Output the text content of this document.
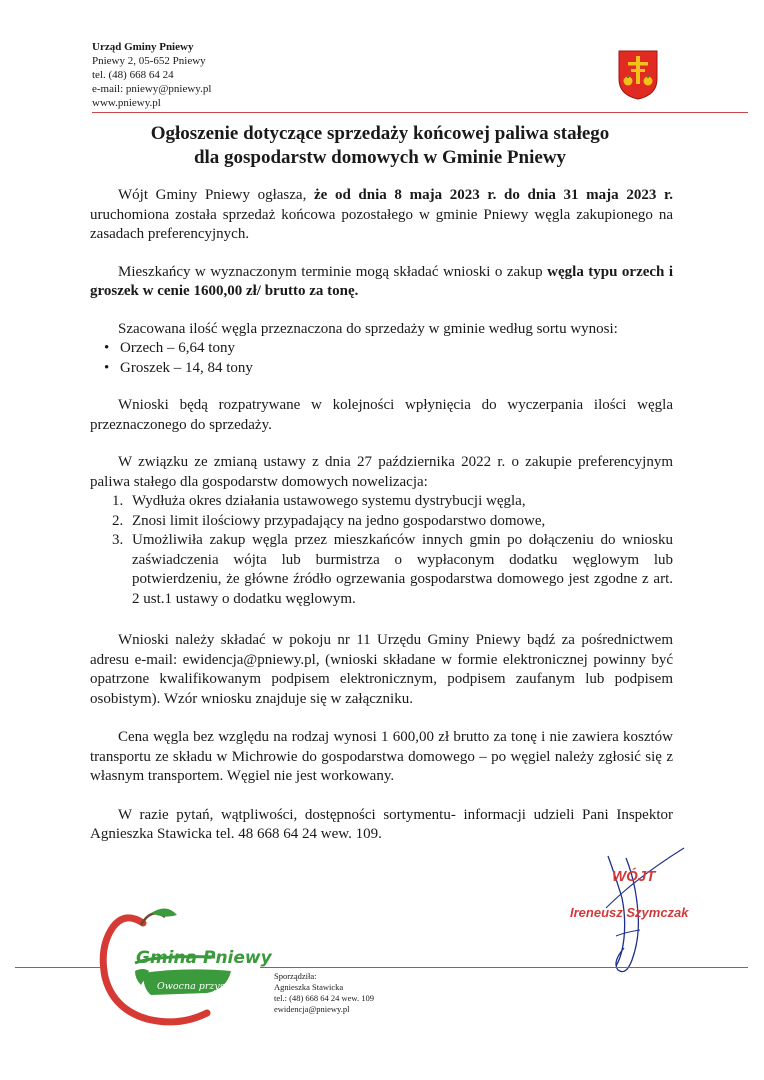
Urząd Gminy Pniewy
Pniewy 2, 05-652 Pniewy
tel. (48) 668 64 24
e-mail: pniewy@pniewy.pl
www.pniewy.pl
Ogłoszenie dotyczące sprzedaży końcowej paliwa stałego
dla gospodarstw domowych w Gminie Pniewy

Wójt Gminy Pniewy ogłasza, że od dnia 8 maja 2023 r. do dnia 31 maja 2023 r. uruchomiona została sprzedaż końcowa pozostałego w gminie Pniewy węgla zakupionego na zasadach preferencyjnych.

Mieszkańcy w wyznaczonym terminie mogą składać wnioski o zakup węgla typu orzech i groszek w cenie 1600,00 zł/ brutto za tonę.

Szacowana ilość węgla przeznaczona do sprzedaży w gminie według sortu wynosi:

• Orzech – 6,64 tony
• Groszek – 14, 84 tony

Wnioski będą rozpatrywane w kolejności wpłynięcia do wyczerpania ilości węgla przeznaczonego do sprzedaży.

W związku ze zmianą ustawy z dnia 27 października 2022 r. o zakupie preferencyjnym paliwa stałego dla gospodarstw domowych nowelizacja:

1. Wydłuża okres działania ustawowego systemu dystrybucji węgla,
2. Znosi limit ilościowy przypadający na jedno gospodarstwo domowe,
3. Umożliwiła zakup węgla przez mieszkańców innych gmin po dołączeniu do wniosku zaświadczenia wójta lub burmistrza o wypłaconym dodatku węglowym lub potwierdzeniu, że główne źródło ogrzewania gospodarstwa domowego jest zgodne z art. 2 ust.1 ustawy o dodatku węglowym.

Wnioski należy składać w pokoju nr 11 Urzędu Gminy Pniewy bądź za pośrednictwem adresu e-mail: ewidencja@pniewy.pl, (wnioski składane w formie elektronicznej powinny być opatrzone kwalifikowanym podpisem elektronicznym, podpisem zaufanym lub podpisem osobistym). Wzór wniosku znajduje się w załączniku.

Cena węgla bez względu na rodzaj wynosi 1 600,00 zł brutto za tonę i nie zawiera kosztów transportu ze składu w Michrowie do gospodarstwa domowego – po węgiel należy zgłosić się z własnym transportem. Węgiel nie jest workowany.

W razie pytań, wątpliwości, dostępności sortymentu- informacji udzieli Pani Inspektor Agnieszka Stawicka tel. 48 668 64 24 wew. 109.

WÓJT
Ireneusz Szymczak
Gmina Pniewy
Owocna przyszłość
Sporządziła:
Agnieszka Stawicka
tel.: (48) 668 64 24 wew. 109
ewidencja@pniewy.pl
